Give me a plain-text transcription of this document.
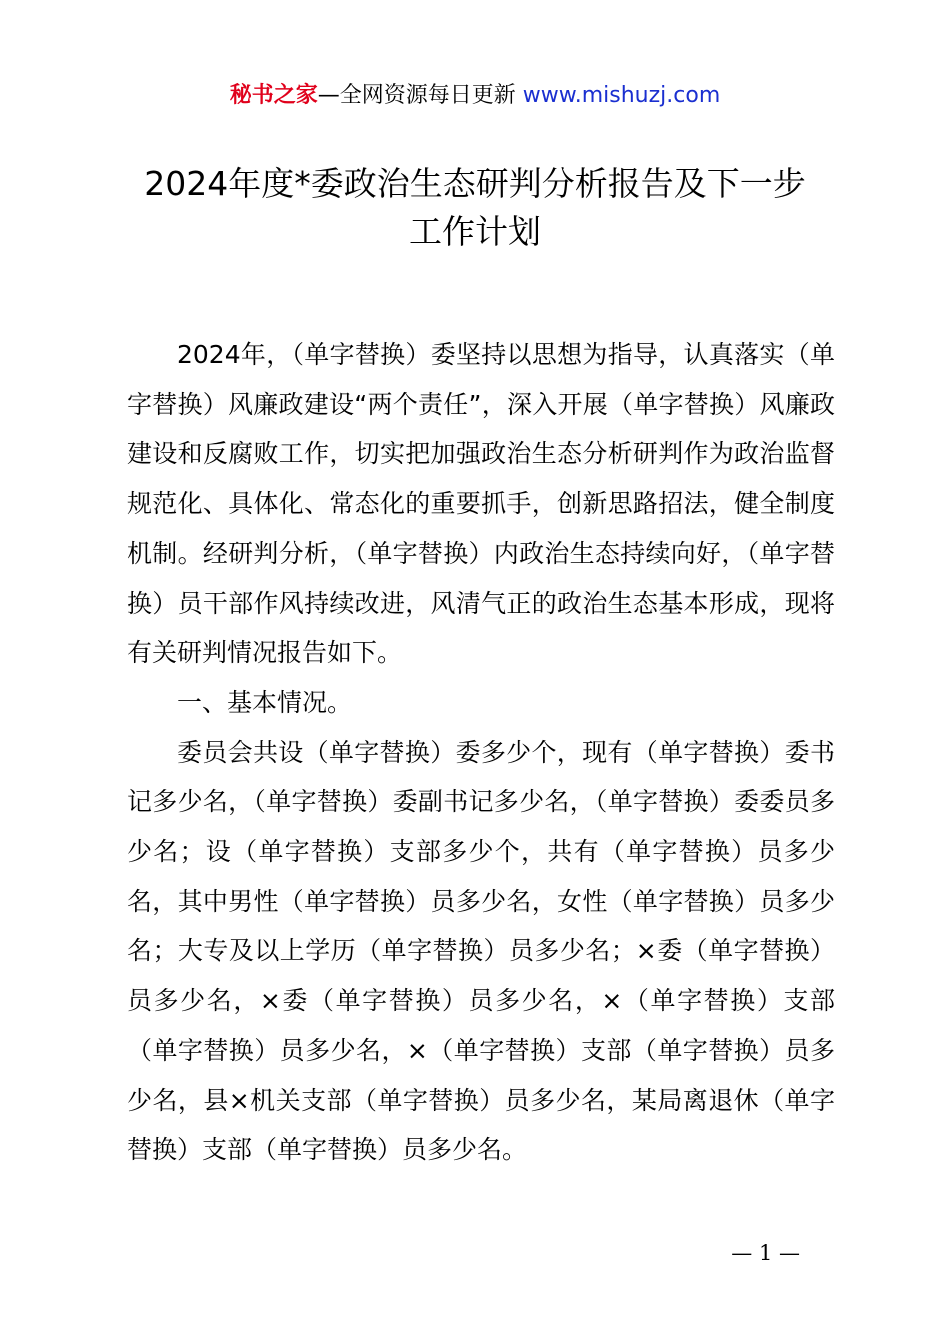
秘书之家—全网资源每日更新 www.mishuzj.com
2024年度*委政治生态研判分析报告及下一步
工作计划

2024年，（单字替换）委坚持以思想为指导，认真落实（单字替换）风廉政建设“两个责任”，深入开展（单字替换）风廉政建设和反腐败工作，切实把加强政治生态分析研判作为政治监督规范化、具体化、常态化的重要抓手，创新思路招法，健全制度机制。经研判分析，（单字替换）内政治生态持续向好，（单字替换）员干部作风持续改进，风清气正的政治生态基本形成，现将有关研判情况报告如下。

一、基本情况。

委员会共设（单字替换）委多少个，现有（单字替换）委书记多少名，（单字替换）委副书记多少名，（单字替换）委委员多少名；设（单字替换）支部多少个，共有（单字替换）员多少名，其中男性（单字替换）员多少名，女性（单字替换）员多少名；大专及以上学历（单字替换）员多少名；×委（单字替换）员多少名，×委（单字替换）员多少名，×（单字替换）支部（单字替换）员多少名，×（单字替换）支部（单字替换）员多少名，县×机关支部（单字替换）员多少名，某局离退休（单字替换）支部（单字替换）员多少名。

— 1 —
